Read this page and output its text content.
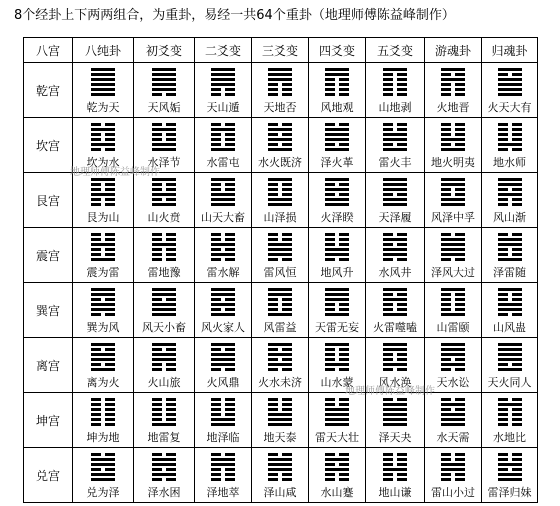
8个经卦上下两两组合，为重卦，易经一共64个重卦（地理师傅陈益峰制作）
八宫	八纯卦	初爻变	二爻变	三爻变	四爻变	五爻变	游魂卦	归魂卦
乾宫	乾为天	天风姤	天山遁	天地否	风地观	山地剥	火地晋	火天大有

坎宫	坎为水	水泽节	水雷屯	水火既济	泽火革	雷火丰	地火明夷	地水师

艮宫	艮为山	山火贲	山天大畜	山泽损	火泽睽	天泽履	风泽中孚	风山渐

震宫	震为雷	雷地豫	雷水解	雷风恒	地风升	水风井	泽风大过	泽雷随

巽宫	巽为风	风天小畜	风火家人	风雷益	天雷无妄	火雷噬嗑	山雷颐	山风蛊

离宫	离为火	火山旅	火风鼎	火水未济	山水蒙	风水涣	天水讼	天火同人

坤宫	坤为地	地雷复	地泽临	地天泰	雷天大壮	泽天夬	水天需	水地比

兑宫	兑为泽	泽水困	泽地萃	泽山咸	水山蹇	地山谦	雷山小过	雷泽归妹
地理师傅陈益峰制作
地理师傅陈益峰制作
